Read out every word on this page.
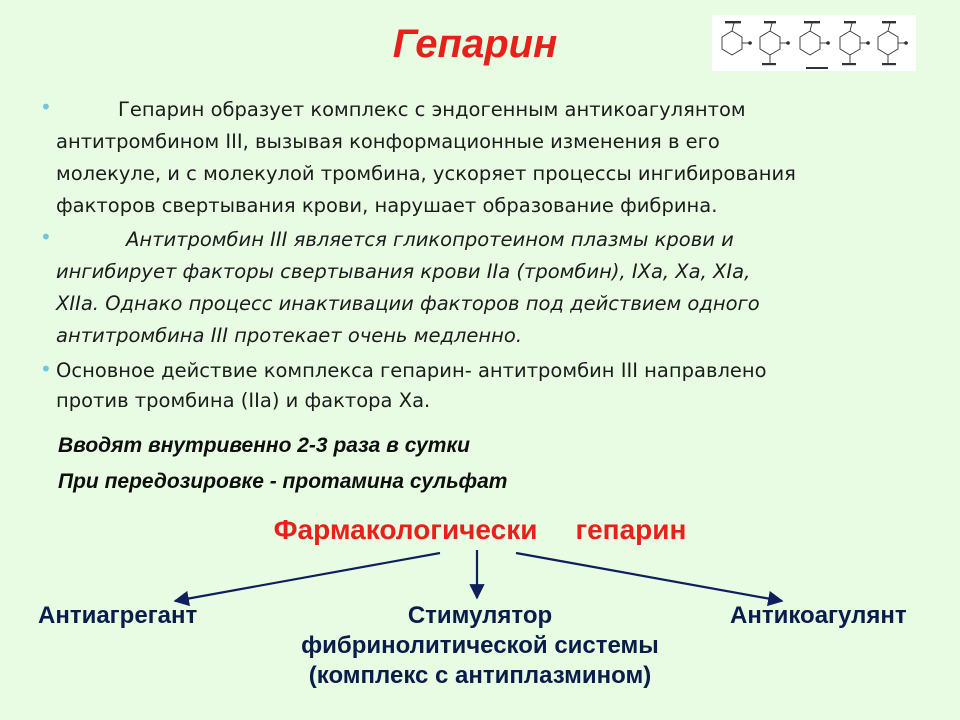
Гепарин
•	Гепарин образует комплекс с эндогенным антикоагулянтом
антитромбином III, вызывая конформационные изменения в его
молекуле, и с молекулой тромбина, ускоряет процессы ингибирования
факторов свертывания крови, нарушает образование фибрина.
•	Антитромбин III является гликопротеином плазмы крови и
ингибирует факторы свертывания крови IIa (тромбин), IXa, Xa, XIa,
XIIa. Однако процесс инактивации факторов под действием одного
антитромбина III протекает очень медленно.
• Основное действие комплекса гепарин- антитромбин III направлено
против тромбина (IIa) и фактора Ха.
Вводят внутривенно 2-3 раза в сутки
При передозировке - протамина сульфат
Фармакологически гепарин
Антиагрегант	Стимулятор
фибринолитической системы
(комплекс с антиплазмином)
Антикоагулянт
